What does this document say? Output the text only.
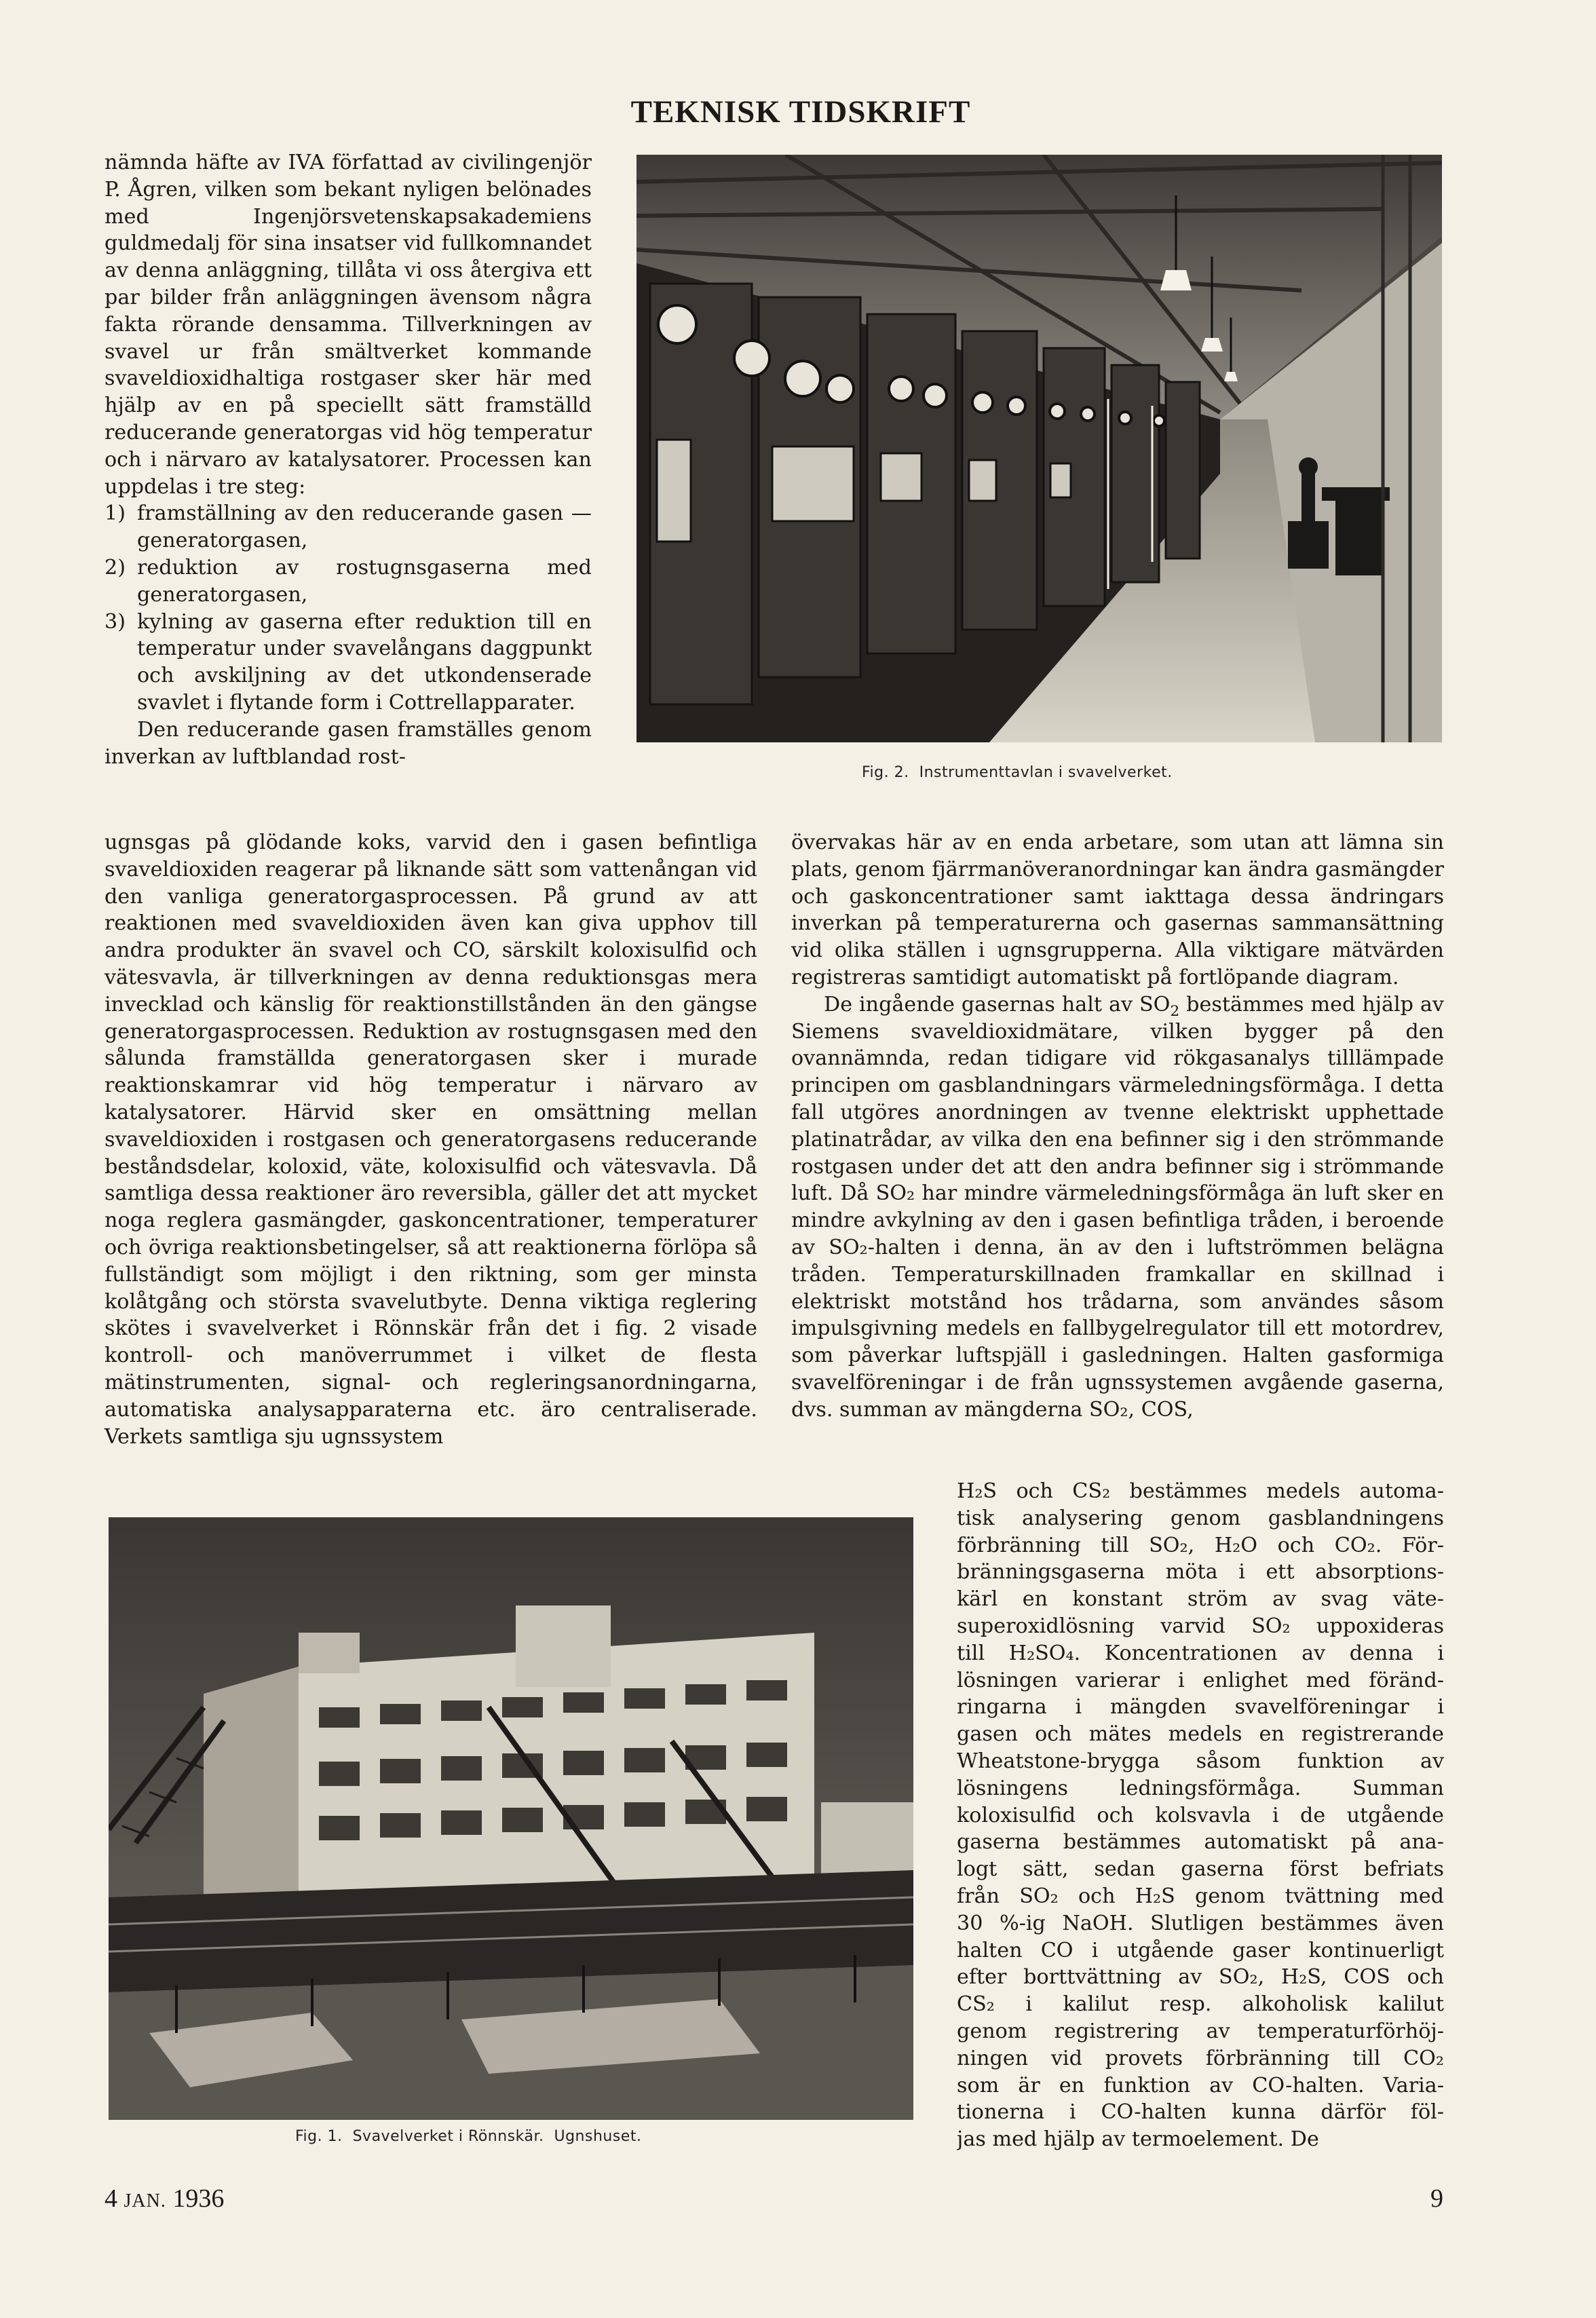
TEKNISK TIDSKRIFT
Fig. 2.  Instrumenttavlan i svavelverket.

nämnda häfte av IVA författad av civilingenjör P. Ågren, vilken som bekant nyligen belönades med Ingenjörsvetenskapsakademiens guldmedalj för sina insatser vid fullkomnandet av denna anläggning, tillåta vi oss återgiva ett par bilder från anläggningen ävensom några fakta rörande densamma. Tillverkningen av svavel ur från smältverket kommande svaveldioxidhaltiga rostgaser sker här med hjälp av en på speciellt sätt framställd reducerande generatorgas vid hög temperatur och i närvaro av katalysatorer. Processen kan uppdelas i tre steg:

1) framställning av den reducerande gasen — generatorgasen,
2) reduktion av rostugnsgaserna med generatorgasen,
3) kylning av gaserna efter reduktion till en temperatur under svavelångans daggpunkt och avskiljning av det utkondenserade svavlet i flytande form i Cottrellapparater.

Den reducerande gasen framställes genom inverkan av luftblandad rost-

ugnsgas på glödande koks, varvid den i gasen befintliga svaveldioxiden reagerar på liknande sätt som vattenångan vid den vanliga generatorgasprocessen. På grund av att reaktionen med svaveldioxiden även kan giva upphov till andra produkter än svavel och CO, särskilt koloxisulfid och vätesvavla, är tillverkningen av denna reduktionsgas mera invecklad och känslig för reaktionstillstånden än den gängse generatorgasprocessen. Reduktion av rostugnsgasen med den sålunda framställda generatorgasen sker i murade reaktionskamrar vid hög temperatur i närvaro av katalysatorer. Härvid sker en omsättning mellan svaveldioxiden i rostgasen och generatorgasens reducerande beståndsdelar, koloxid, väte, koloxisulfid och vätesvavla. Då samtliga dessa reaktioner äro reversibla, gäller det att mycket noga reglera gasmängder, gaskoncentrationer, temperaturer och övriga reaktionsbetingelser, så att reaktionerna förlöpa så fullständigt som möjligt i den riktning, som ger minsta kolåtgång och största svavelutbyte. Denna viktiga reglering skötes i svavelverket i Rönnskär från det i fig. 2 visade kontroll- och manöverrummet i vilket de flesta mätinstrumenten, signal- och regleringsanordningarna, automatiska analysapparaterna etc. äro centraliserade. Verkets samtliga sju ugnssystem

övervakas här av en enda arbetare, som utan att lämna sin plats, genom fjärrmanöveranordningar kan ändra gasmängder och gaskoncentrationer samt iakttaga dessa ändringars inverkan på temperaturerna och gasernas sammansättning vid olika ställen i ugnsgrupperna. Alla viktigare mätvärden registreras samtidigt automatiskt på fortlöpande diagram.

De ingående gasernas halt av $SO_2$ bestämmes med hjälp av Siemens svaveldioxidmätare, vilken bygger på den ovannämnda, redan tidigare vid rökgasanalys tilllämpade principen om gasblandningars värmeledningsförmåga. I detta fall utgöres anordningen av tvenne elektriskt upphettade platinatrådar, av vilka den ena befinner sig i den strömmande rostgasen under det att den andra befinner sig i strömmande luft. Då SO₂ har mindre värmeledningsförmåga än luft sker en mindre avkylning av den i gasen befintliga tråden, i beroende av SO₂-halten i denna, än av den i luftströmmen belägna tråden. Temperaturskillnaden framkallar en skillnad i elektriskt motstånd hos trådarna, som användes såsom impulsgivning medels en fallbygelregulator till ett motordrev, som påverkar luftspjäll i gasledningen. Halten gasformiga svavelföreningar i de från ugnssystemen avgående gaserna, dvs. summan av mängderna SO₂, COS,

H₂S och CS₂ bestämmes medels automa-
tisk analysering genom gasblandningens
förbränning till SO₂, H₂O och CO₂. För-
bränningsgaserna möta i ett absorptions-
kärl en konstant ström av svag väte-
superoxidlösning varvid SO₂ uppoxideras
till H₂SO₄. Koncentrationen av denna i
lösningen varierar i enlighet med föränd-
ringarna i mängden svavelföreningar i
gasen och mätes medels en registrerande
Wheatstone-brygga såsom funktion av
lösningens ledningsförmåga. Summan
koloxisulfid och kolsvavla i de utgående
gaserna bestämmes automatiskt på ana-
logt sätt, sedan gaserna först befriats
från SO₂ och H₂S genom tvättning med
30 %-ig NaOH. Slutligen bestämmes även
halten CO i utgående gaser kontinuerligt
efter borttvättning av SO₂, H₂S, COS och
CS₂ i kalilut resp. alkoholisk kalilut
genom registrering av temperaturförhöj-
ningen vid provets förbränning till CO₂
som är en funktion av CO-halten. Varia-
tionerna i CO-halten kunna därför föl-
jas med hjälp av termoelement. De
Fig. 1.  Svavelverket i Rönnskär.  Ugnshuset.
4 JAN. 1936	9
